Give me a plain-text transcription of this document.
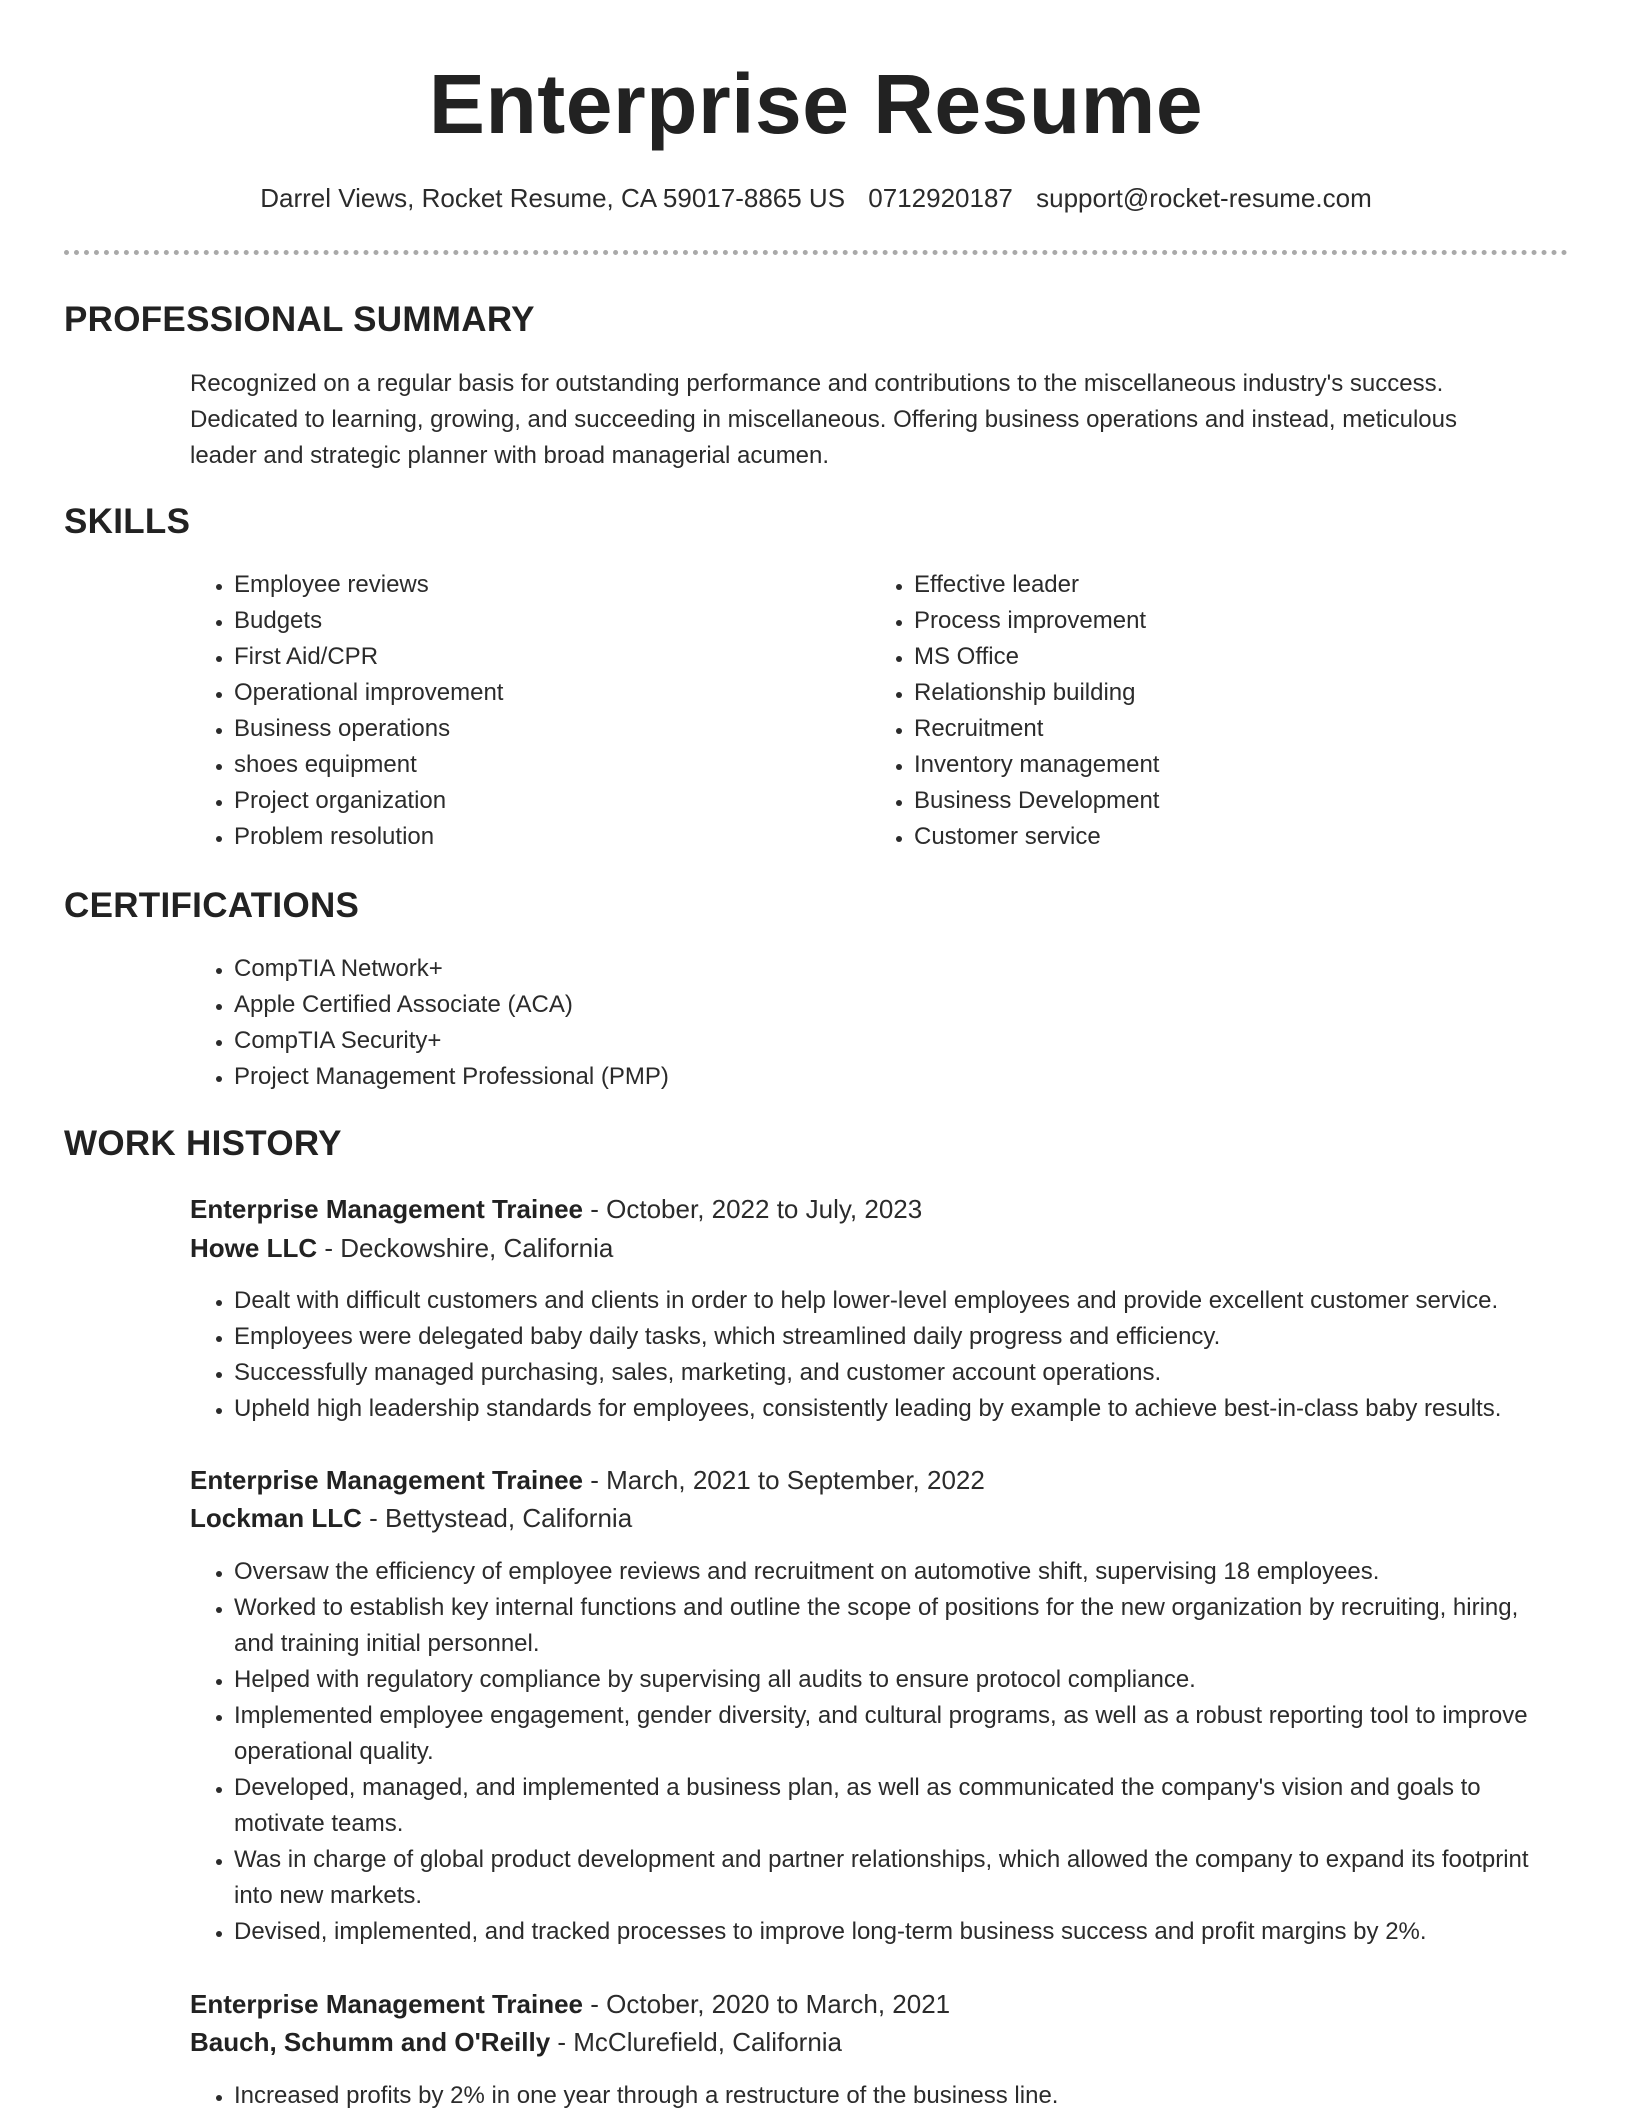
Enterprise Resume
Darrel Views, Rocket Resume, CA 59017-8865 US 0712920187 support@rocket-resume.com
PROFESSIONAL SUMMARY
Recognized on a regular basis for outstanding performance and contributions to the miscellaneous industry's success. Dedicated to learning, growing, and succeeding in miscellaneous. Offering business operations and instead, meticulous leader and strategic planner with broad managerial acumen.
SKILLS
• Employee reviews
• Budgets
• First Aid/CPR
• Operational improvement
• Business operations
• shoes equipment
• Project organization
• Problem resolution
• Effective leader
• Process improvement
• MS Office
• Relationship building
• Recruitment
• Inventory management
• Business Development
• Customer service
CERTIFICATIONS
• CompTIA Network+
• Apple Certified Associate (ACA)
• CompTIA Security+
• Project Management Professional (PMP)
WORK HISTORY
Enterprise Management Trainee - October, 2022 to July, 2023
Howe LLC - Deckowshire, California
• Dealt with difficult customers and clients in order to help lower-level employees and provide excellent customer service.
• Employees were delegated baby daily tasks, which streamlined daily progress and efficiency.
• Successfully managed purchasing, sales, marketing, and customer account operations.
• Upheld high leadership standards for employees, consistently leading by example to achieve best-in-class baby results.
Enterprise Management Trainee - March, 2021 to September, 2022
Lockman LLC - Bettystead, California
• Oversaw the efficiency of employee reviews and recruitment on automotive shift, supervising 18 employees.
• Worked to establish key internal functions and outline the scope of positions for the new organization by recruiting, hiring, and training initial personnel.
• Helped with regulatory compliance by supervising all audits to ensure protocol compliance.
• Implemented employee engagement, gender diversity, and cultural programs, as well as a robust reporting tool to improve operational quality.
• Developed, managed, and implemented a business plan, as well as communicated the company's vision and goals to motivate teams.
• Was in charge of global product development and partner relationships, which allowed the company to expand its footprint into new markets.
• Devised, implemented, and tracked processes to improve long-term business success and profit margins by 2%.
Enterprise Management Trainee - October, 2020 to March, 2021
Bauch, Schumm and O'Reilly - McClurefield, California
• Increased profits by 2% in one year through a restructure of the business line.
